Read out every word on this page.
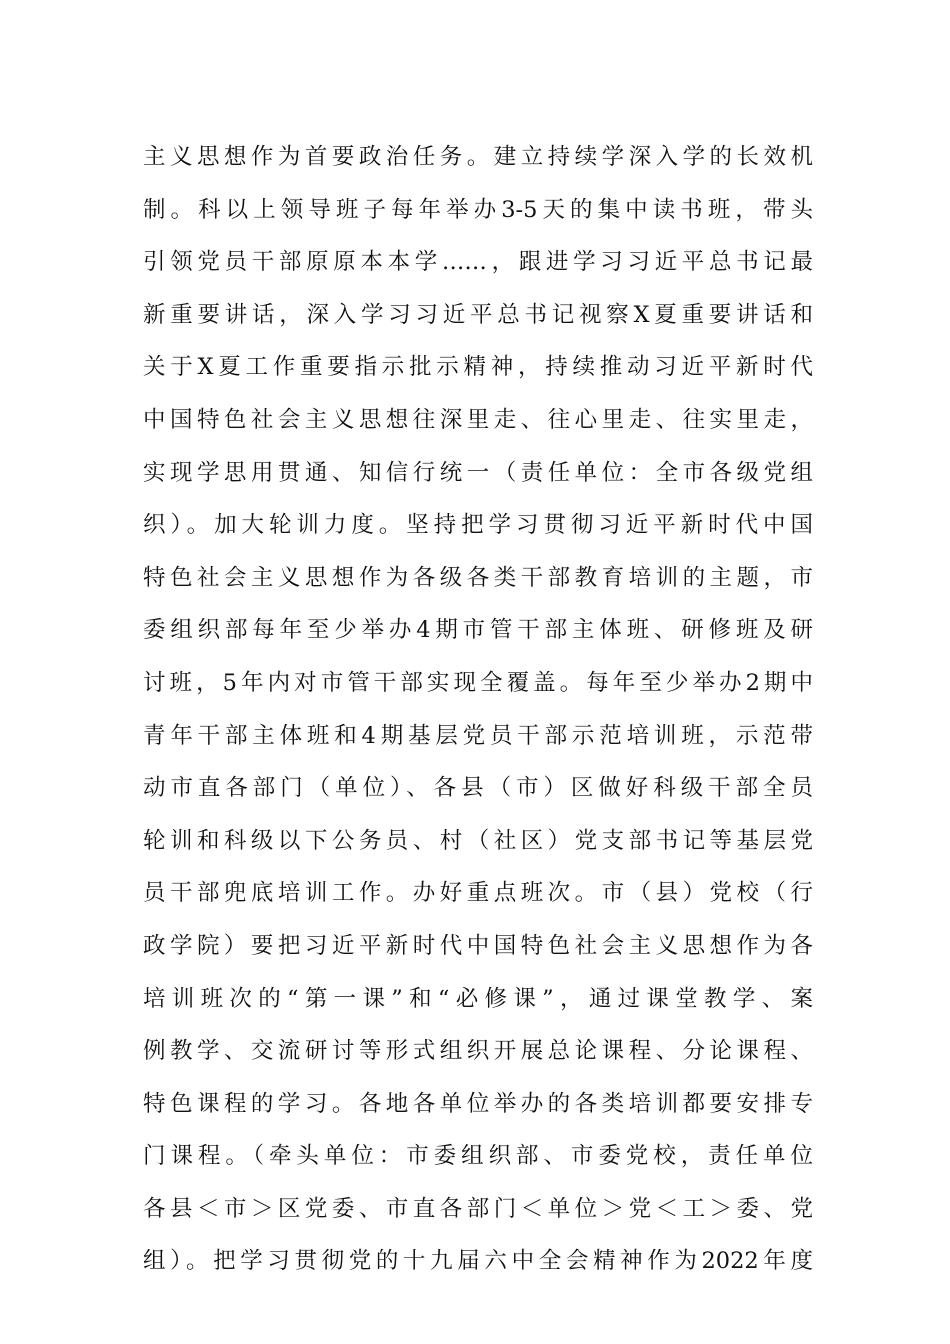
主义思想作为首要政治任务。建立持续学深入学的长效机
制。科以上领导班子每年举办3-5天的集中读书班，带头
引领党员干部原原本本学……，跟进学习习近平总书记最
新重要讲话，深入学习习近平总书记视察X夏重要讲话和
关于X夏工作重要指示批示精神，持续推动习近平新时代
中国特色社会主义思想往深里走、往心里走、往实里走，
实现学思用贯通、知信行统一（责任单位：全市各级党组
织）。加大轮训力度。坚持把学习贯彻习近平新时代中国
特色社会主义思想作为各级各类干部教育培训的主题，市
委组织部每年至少举办4期市管干部主体班、研修班及研
讨班，5年内对市管干部实现全覆盖。每年至少举办2期中
青年干部主体班和4期基层党员干部示范培训班，示范带
动市直各部门（单位）、各县（市）区做好科级干部全员
轮训和科级以下公务员、村（社区）党支部书记等基层党
员干部兜底培训工作。办好重点班次。市（县）党校（行
政学院）要把习近平新时代中国特色社会主义思想作为各
培训班次的“第一课”和“必修课”，通过课堂教学、案
例教学、交流研讨等形式组织开展总论课程、分论课程、
特色课程的学习。各地各单位举办的各类培训都要安排专
门课程。（牵头单位：市委组织部、市委党校，责任单位
各县＜市＞区党委、市直各部门＜单位＞党＜工＞委、党
组）。把学习贯彻党的十九届六中全会精神作为2022年度
